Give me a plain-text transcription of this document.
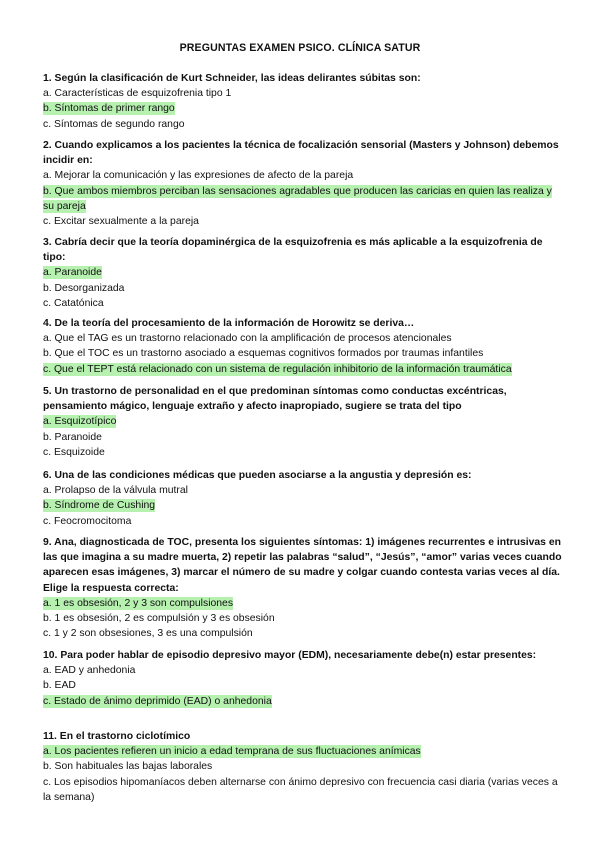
PREGUNTAS EXAMEN PSICO. CLÍNICA SATUR

1. Según la clasificación de Kurt Schneider, las ideas delirantes súbitas son:

a. Características de esquizofrenia tipo 1

b. Síntomas de primer rango

c. Síntomas de segundo rango

2. Cuando explicamos a los pacientes la técnica de focalización sensorial (Masters y Johnson) debemos incidir en:

a. Mejorar la comunicación y las expresiones de afecto de la pareja

b. Que ambos miembros perciban las sensaciones agradables que producen las caricias en quien las realiza y su pareja

c. Excitar sexualmente a la pareja

3. Cabría decir que la teoría dopaminérgica de la esquizofrenia es más aplicable a la esquizofrenia de tipo:

a. Paranoide

b. Desorganizada

c. Catatónica

4. De la teoría del procesamiento de la información de Horowitz se deriva…

a. Que el TAG es un trastorno relacionado con la amplificación de procesos atencionales

b. Que el TOC es un trastorno asociado a esquemas cognitivos formados por traumas infantiles

c. Que el TEPT está relacionado con un sistema de regulación inhibitorio de la información traumática

5. Un trastorno de personalidad en el que predominan síntomas como conductas excéntricas, pensamiento mágico, lenguaje extraño y afecto inapropiado, sugiere se trata del tipo

a. Esquizotípico

b. Paranoide

c. Esquizoide

6. Una de las condiciones médicas que pueden asociarse a la angustia y depresión es:

a. Prolapso de la válvula mutral

b. Síndrome de Cushing

c. Feocromocitoma

9. Ana, diagnosticada de TOC, presenta los siguientes síntomas: 1) imágenes recurrentes e intrusivas en las que imagina a su madre muerta, 2) repetir las palabras “salud”, “Jesús”, “amor” varias veces cuando aparecen esas imágenes, 3) marcar el número de su madre y colgar cuando contesta varias veces al día. Elige la respuesta correcta:

a. 1 es obsesión, 2 y 3 son compulsiones

b. 1 es obsesión, 2 es compulsión y 3 es obsesión

c. 1 y 2 son obsesiones, 3 es una compulsión

10. Para poder hablar de episodio depresivo mayor (EDM), necesariamente debe(n) estar presentes:

a. EAD y anhedonia

b. EAD

c. Estado de ánimo deprimido (EAD) o anhedonia

11. En el trastorno ciclotímico

a. Los pacientes refieren un inicio a edad temprana de sus fluctuaciones anímicas

b. Son habituales las bajas laborales

c. Los episodios hipomaníacos deben alternarse con ánimo depresivo con frecuencia casi diaria (varias veces a la semana)
